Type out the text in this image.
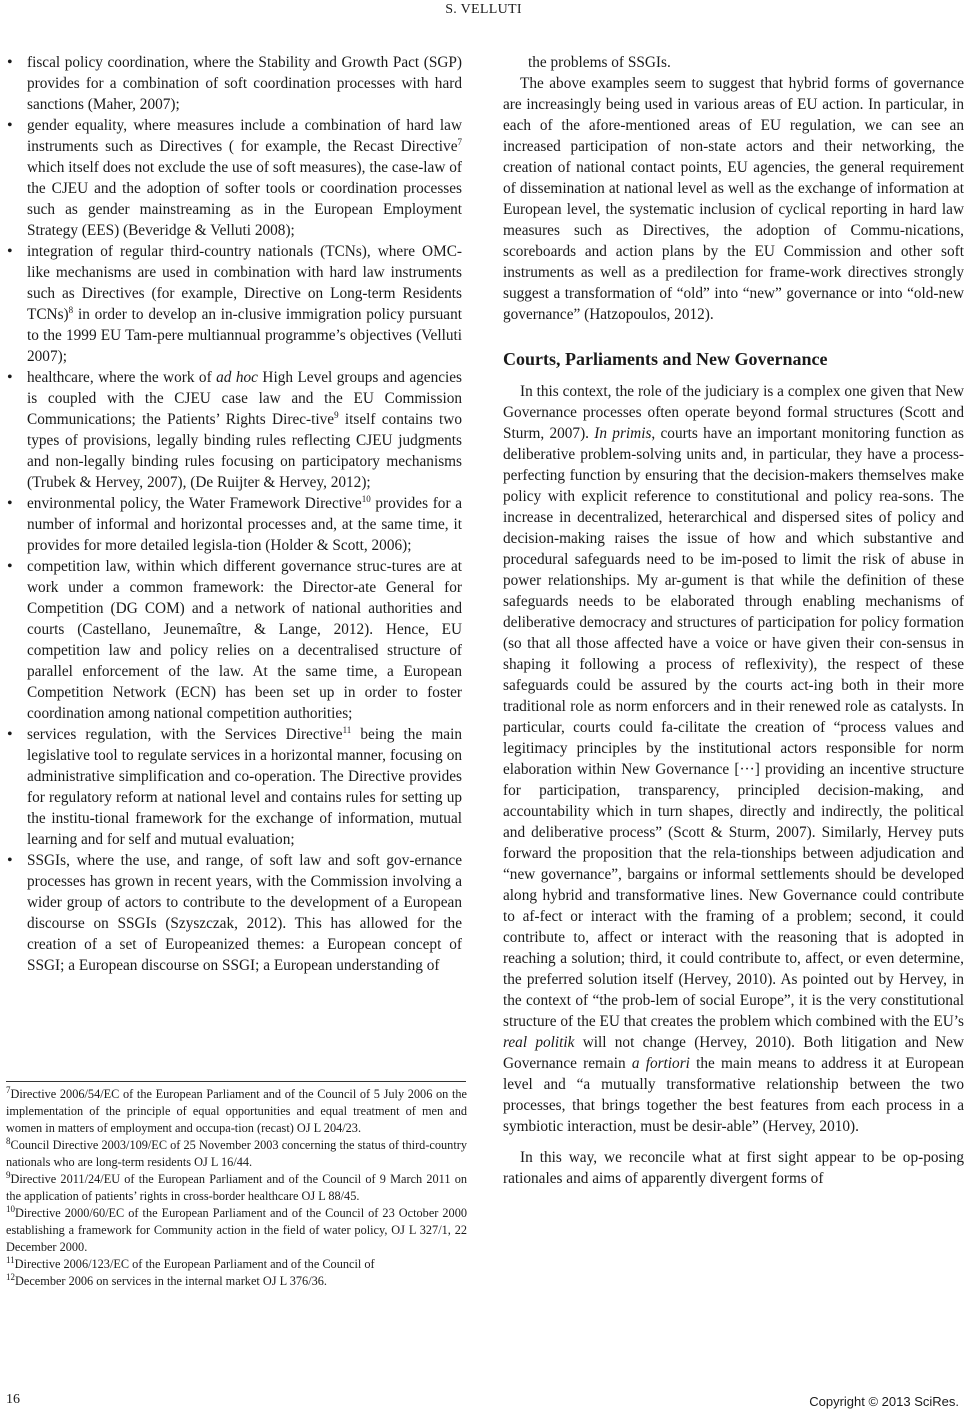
S. VELLUTI
• fiscal policy coordination, where the Stability and Growth Pact (SGP) provides for a combination of soft coordination processes with hard sanctions (Maher, 2007);
• gender equality, where measures include a combination of hard law instruments such as Directives ( for example, the Recast Directive$^7$ which itself does not exclude the use of soft measures), the case-law of the CJEU and the adoption of softer tools or coordination processes such as gender mainstreaming as in the European Employment Strategy (EES) (Beveridge & Velluti 2008);
• integration of regular third-country nationals (TCNs), where OMC-like mechanisms are used in combination with hard law instruments such as Directives (for example, Directive on Long-term Residents TCNs)$^8$ in order to develop an in-clusive immigration policy pursuant to the 1999 EU Tam-pere multiannual programme’s objectives (Velluti 2007);
• healthcare, where the work of ad hoc High Level groups and agencies is coupled with the CJEU case law and the EU Commission Communications; the Patients’ Rights Direc-tive$^9$ itself contains two types of provisions, legally binding rules reflecting CJEU judgments and non-legally binding rules focusing on participatory mechanisms (Trubek & Hervey, 2007), (De Ruijter & Hervey, 2012);
• environmental policy, the Water Framework Directive$^{10}$ provides for a number of informal and horizontal processes and, at the same time, it provides for more detailed legisla-tion (Holder & Scott, 2006);
• competition law, within which different governance struc-tures are at work under a common framework: the Director-ate General for Competition (DG COM) and a network of national authorities and courts (Castellano, Jeunemaître, & Lange, 2012). Hence, EU competition law and policy relies on a decentralised structure of parallel enforcement of the law. At the same time, a European Competition Network (ECN) has been set up in order to foster coordination among national competition authorities;
• services regulation, with the Services Directive$^{11}$ being the main legislative tool to regulate services in a horizontal manner, focusing on administrative simplification and co-operation. The Directive provides for regulatory reform at national level and contains rules for setting up the institu-tional framework for the exchange of information, mutual learning and for self and mutual evaluation;
• SSGIs, where the use, and range, of soft law and soft gov-ernance processes has grown in recent years, with the Commission involving a wider group of actors to contribute to the development of a European discourse on SSGIs (Szyszczak, 2012). This has allowed for the creation of a set of Europeanized themes: a European concept of SSGI; a European discourse on SSGI; a European understanding of

$^7$Directive 2006/54/EC of the European Parliament and of the Council of 5 July 2006 on the implementation of the principle of equal opportunities and equal treatment of men and women in matters of employment and occupa-tion (recast) OJ L 204/23.

$^8$Council Directive 2003/109/EC of 25 November 2003 concerning the status of third-country nationals who are long-term residents OJ L 16/44.

$^9$Directive 2011/24/EU of the European Parliament and of the Council of 9 March 2011 on the application of patients’ rights in cross-border healthcare OJ L 88/45.

$^{10}$Directive 2000/60/EC of the European Parliament and of the Council of 23 October 2000 establishing a framework for Community action in the field of water policy, OJ L 327/1, 22 December 2000.

$^{11}$Directive 2006/123/EC of the European Parliament and of the Council of

$^{12}$December 2006 on services in the internal market OJ L 376/36.

the problems of SSGIs.

The above examples seem to suggest that hybrid forms of governance are increasingly being used in various areas of EU action. In particular, in each of the afore-mentioned areas of EU regulation, we can see an increased participation of non-state actors and their networking, the creation of national contact points, EU agencies, the general requirement of dissemination at national level as well as the exchange of information at European level, the systematic inclusion of cyclical reporting in hard law measures such as Directives, the adoption of Commu-nications, scoreboards and action plans by the EU Commission and other soft instruments as well as a predilection for frame-work directives strongly suggest a transformation of “old” into “new” governance or into “old-new governance” (Hatzopoulos, 2012).

Courts, Parliaments and New Governance

In this context, the role of the judiciary is a complex one given that New Governance processes often operate beyond formal structures (Scott and Sturm, 2007). In primis, courts have an important monitoring function as deliberative problem-solving units and, in particular, they have a process-perfecting function by ensuring that the decision-makers themselves make policy with explicit reference to constitutional and policy rea-sons. The increase in decentralized, heterarchical and dispersed sites of policy and decision-making raises the issue of how and which substantive and procedural safeguards need to be im-posed to limit the risk of abuse in power relationships. My ar-gument is that while the definition of these safeguards needs to be elaborated through enabling mechanisms of deliberative democracy and structures of participation for policy formation (so that all those affected have a voice or have given their con-sensus in shaping it following a process of reflexivity), the respect of these safeguards could be assured by the courts act-ing both in their more traditional role as norm enforcers and in their renewed role as catalysts. In particular, courts could fa-cilitate the creation of “process values and legitimacy principles by the institutional actors responsible for norm elaboration within New Governance [···] providing an incentive structure for participation, transparency, principled decision-making, and accountability which in turn shapes, directly and indirectly, the political and deliberative process” (Scott & Sturm, 2007). Similarly, Hervey puts forward the proposition that the rela-tionships between adjudication and “new governance”, bargains or informal settlements should be developed along hybrid and transformative lines. New Governance could contribute to af-fect or interact with the framing of a problem; second, it could contribute to, affect or interact with the reasoning that is adopted in reaching a solution; third, it could contribute to, affect, or even determine, the preferred solution itself (Hervey, 2010). As pointed out by Hervey, in the context of “the prob-lem of social Europe”, it is the very constitutional structure of the EU that creates the problem which combined with the EU’s real politik will not change (Hervey, 2010). Both litigation and New Governance remain a fortiori the main means to address it at European level and “a mutually transformative relationship between the two processes, that brings together the best features from each process in a symbiotic interaction, must be desir-able” (Hervey, 2010).

In this way, we reconcile what at first sight appear to be op-posing rationales and aims of apparently divergent forms of

16	Copyright © 2013 SciRes.
